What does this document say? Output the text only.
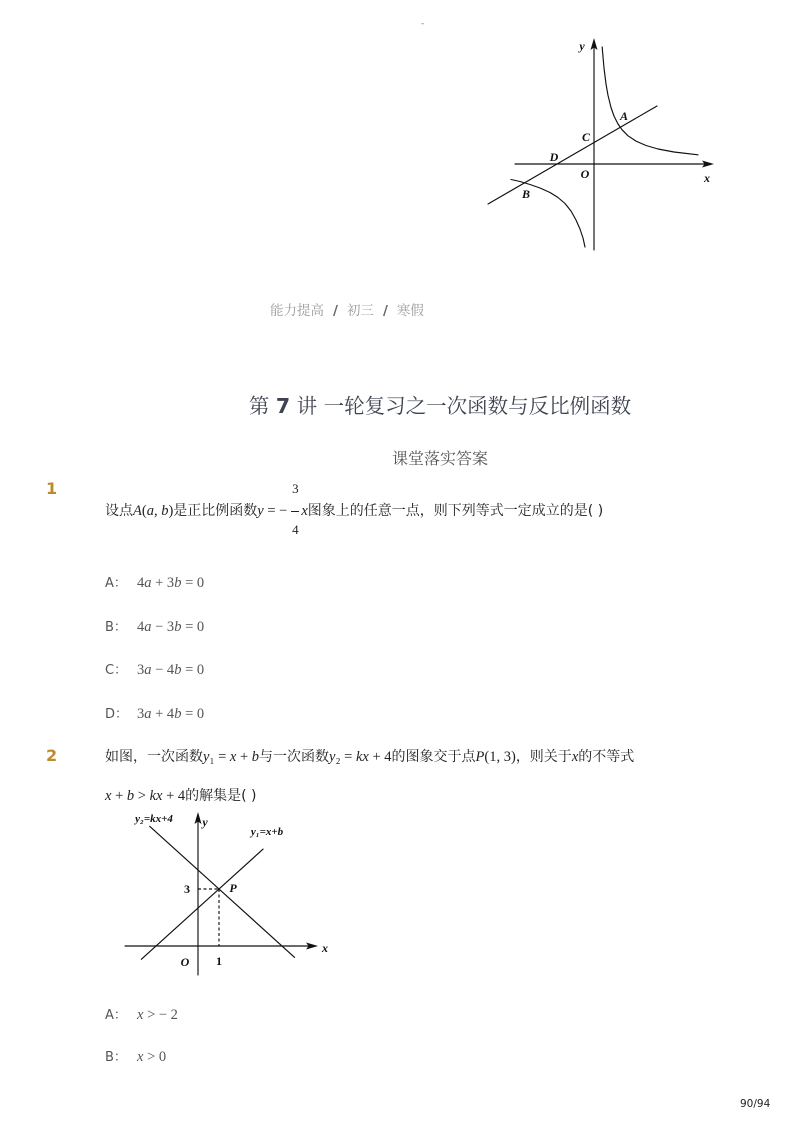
-
y
A
C
D
O	x
B
能力提高 / 初三 / 寒假
第 7 讲 一轮复习之一次函数与反比例函数
课堂落实答案
1
设点A(a, b)是正比例函数y = − $\frac{3}{4}$ x图象上的任意一点，则下列等式一定成立的是( )
A： 4a + 3b = 0
B： 4a − 3b = 0
C： 3a − 4b = 0
D： 3a + 4b = 0
2	如图，一次函数y₁ = x + b与一次函数y₂ = kx + 4的图象交于点P(1, 3)，则关于x的不等式
x + b > kx + 4的解集是( )
y₂=kx+4 y
y₁=x+b
3	P
O 1
x
A： x > − 2
B： x > 0
90/94
